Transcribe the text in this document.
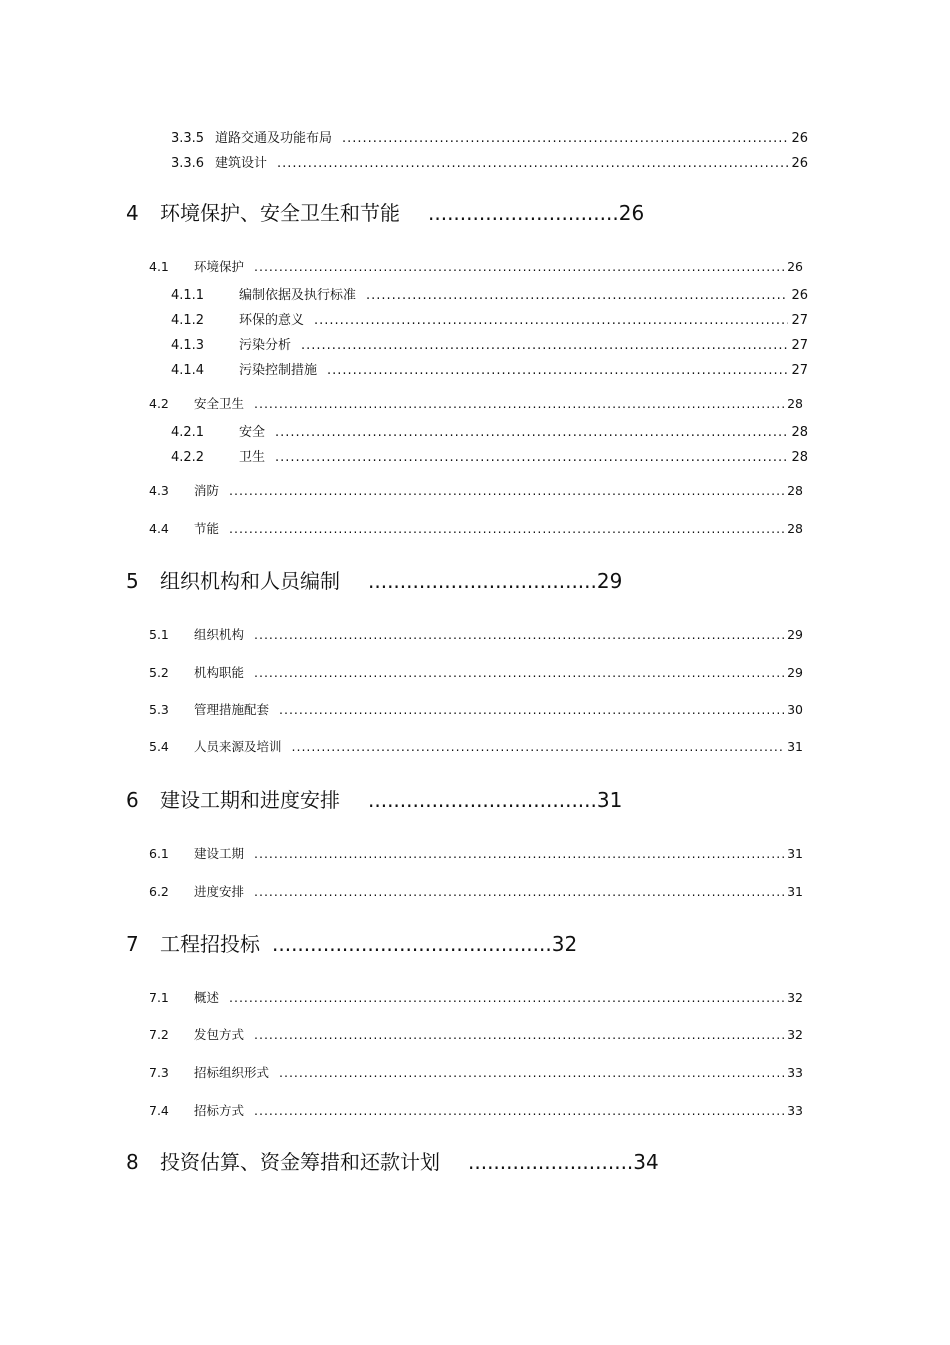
3.3.5 道路交通及功能布局 .....	26
3.3.6 建筑设计 .....	26
4	环境保护、安全卫生和节能 .............................. 26
4.1	环境保护 .....	26
4.1.1	编制依据及执行标准 .....	26
4.1.2	环保的意义 .....	27
4.1.3	污染分析 .....	27
4.1.4	污染控制措施 .....	27
4.2	安全卫生 .....	28
4.2.1	安全 .....	28
4.2.2	卫生 .....	28
4.3	消防 .....	28
4.4	节能 .....	28
5	组织机构和人员编制 .................................... 29
5.1	组织机构 .....	29
5.2	机构职能 .....	29
5.3	管理措施配套 .....	30
5.4	人员来源及培训 .....	31
6	建设工期和进度安排 .................................... 31
6.1	建设工期 .....	31
6.2	进度安排 .....	31
7	工程招投标 ............................................ 32
7.1	概述 .....	32
7.2	发包方式 .....	32
7.3	招标组织形式 .....	33
7.4	招标方式 .....	33
8	投资估算、资金筹措和还款计划 .......................... 34
